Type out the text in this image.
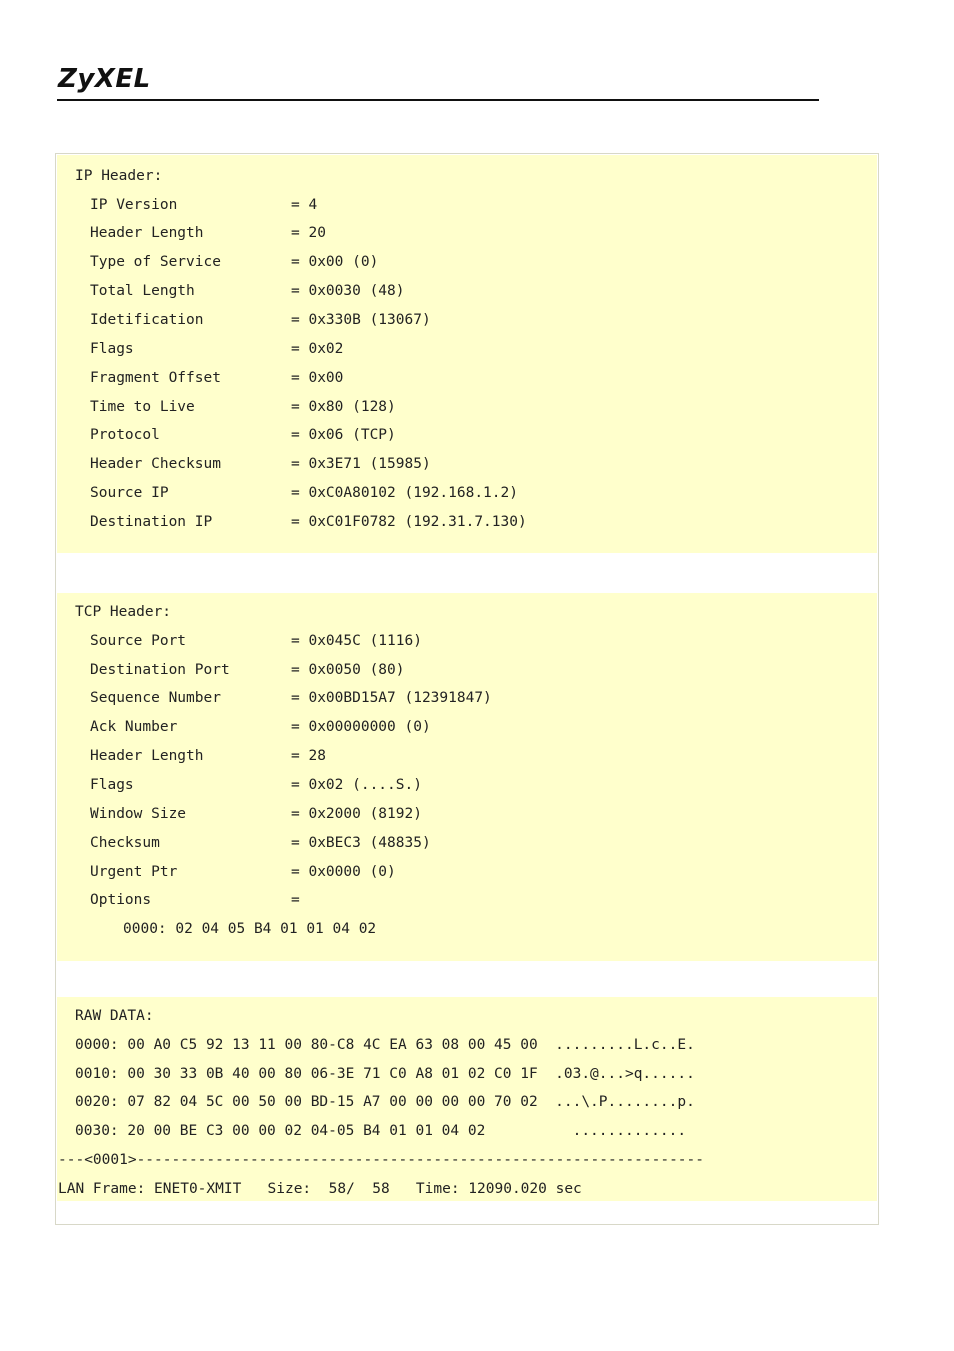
ZyXEL
IP Header:
IP Version	= 4
Header Length	= 20
Type of Service	= 0x00 (0)
Total Length	= 0x0030 (48)
Idetification	= 0x330B (13067)
Flags	= 0x02
Fragment Offset	= 0x00
Time to Live	= 0x80 (128)
Protocol	= 0x06 (TCP)
Header Checksum	= 0x3E71 (15985)
Source IP	= 0xC0A80102 (192.168.1.2)
Destination IP	= 0xC01F0782 (192.31.7.130)
TCP Header:
Source Port	= 0x045C (1116)
Destination Port	= 0x0050 (80)
Sequence Number	= 0x00BD15A7 (12391847)
Ack Number	= 0x00000000 (0)
Header Length	= 28
Flags	= 0x02 (....S.)
Window Size	= 0x2000 (8192)
Checksum	= 0xBEC3 (48835)
Urgent Ptr	= 0x0000 (0)
Options	=
0000: 02 04 05 B4 01 01 04 02
RAW DATA:
0000: 00 A0 C5 92 13 11 00 80-C8 4C EA 63 08 00 45 00  .........L.c..E.
0010: 00 30 33 0B 40 00 80 06-3E 71 C0 A8 01 02 C0 1F  .03.@...>q......
0020: 07 82 04 5C 00 50 00 BD-15 A7 00 00 00 00 70 02  ...\.P........p.
0030: 20 00 BE C3 00 00 02 04-05 B4 01 01 04 02          .............
---<0001>-----------------------------------------------------------------
LAN Frame: ENET0-XMIT   Size:  58/  58   Time: 12090.020 sec
